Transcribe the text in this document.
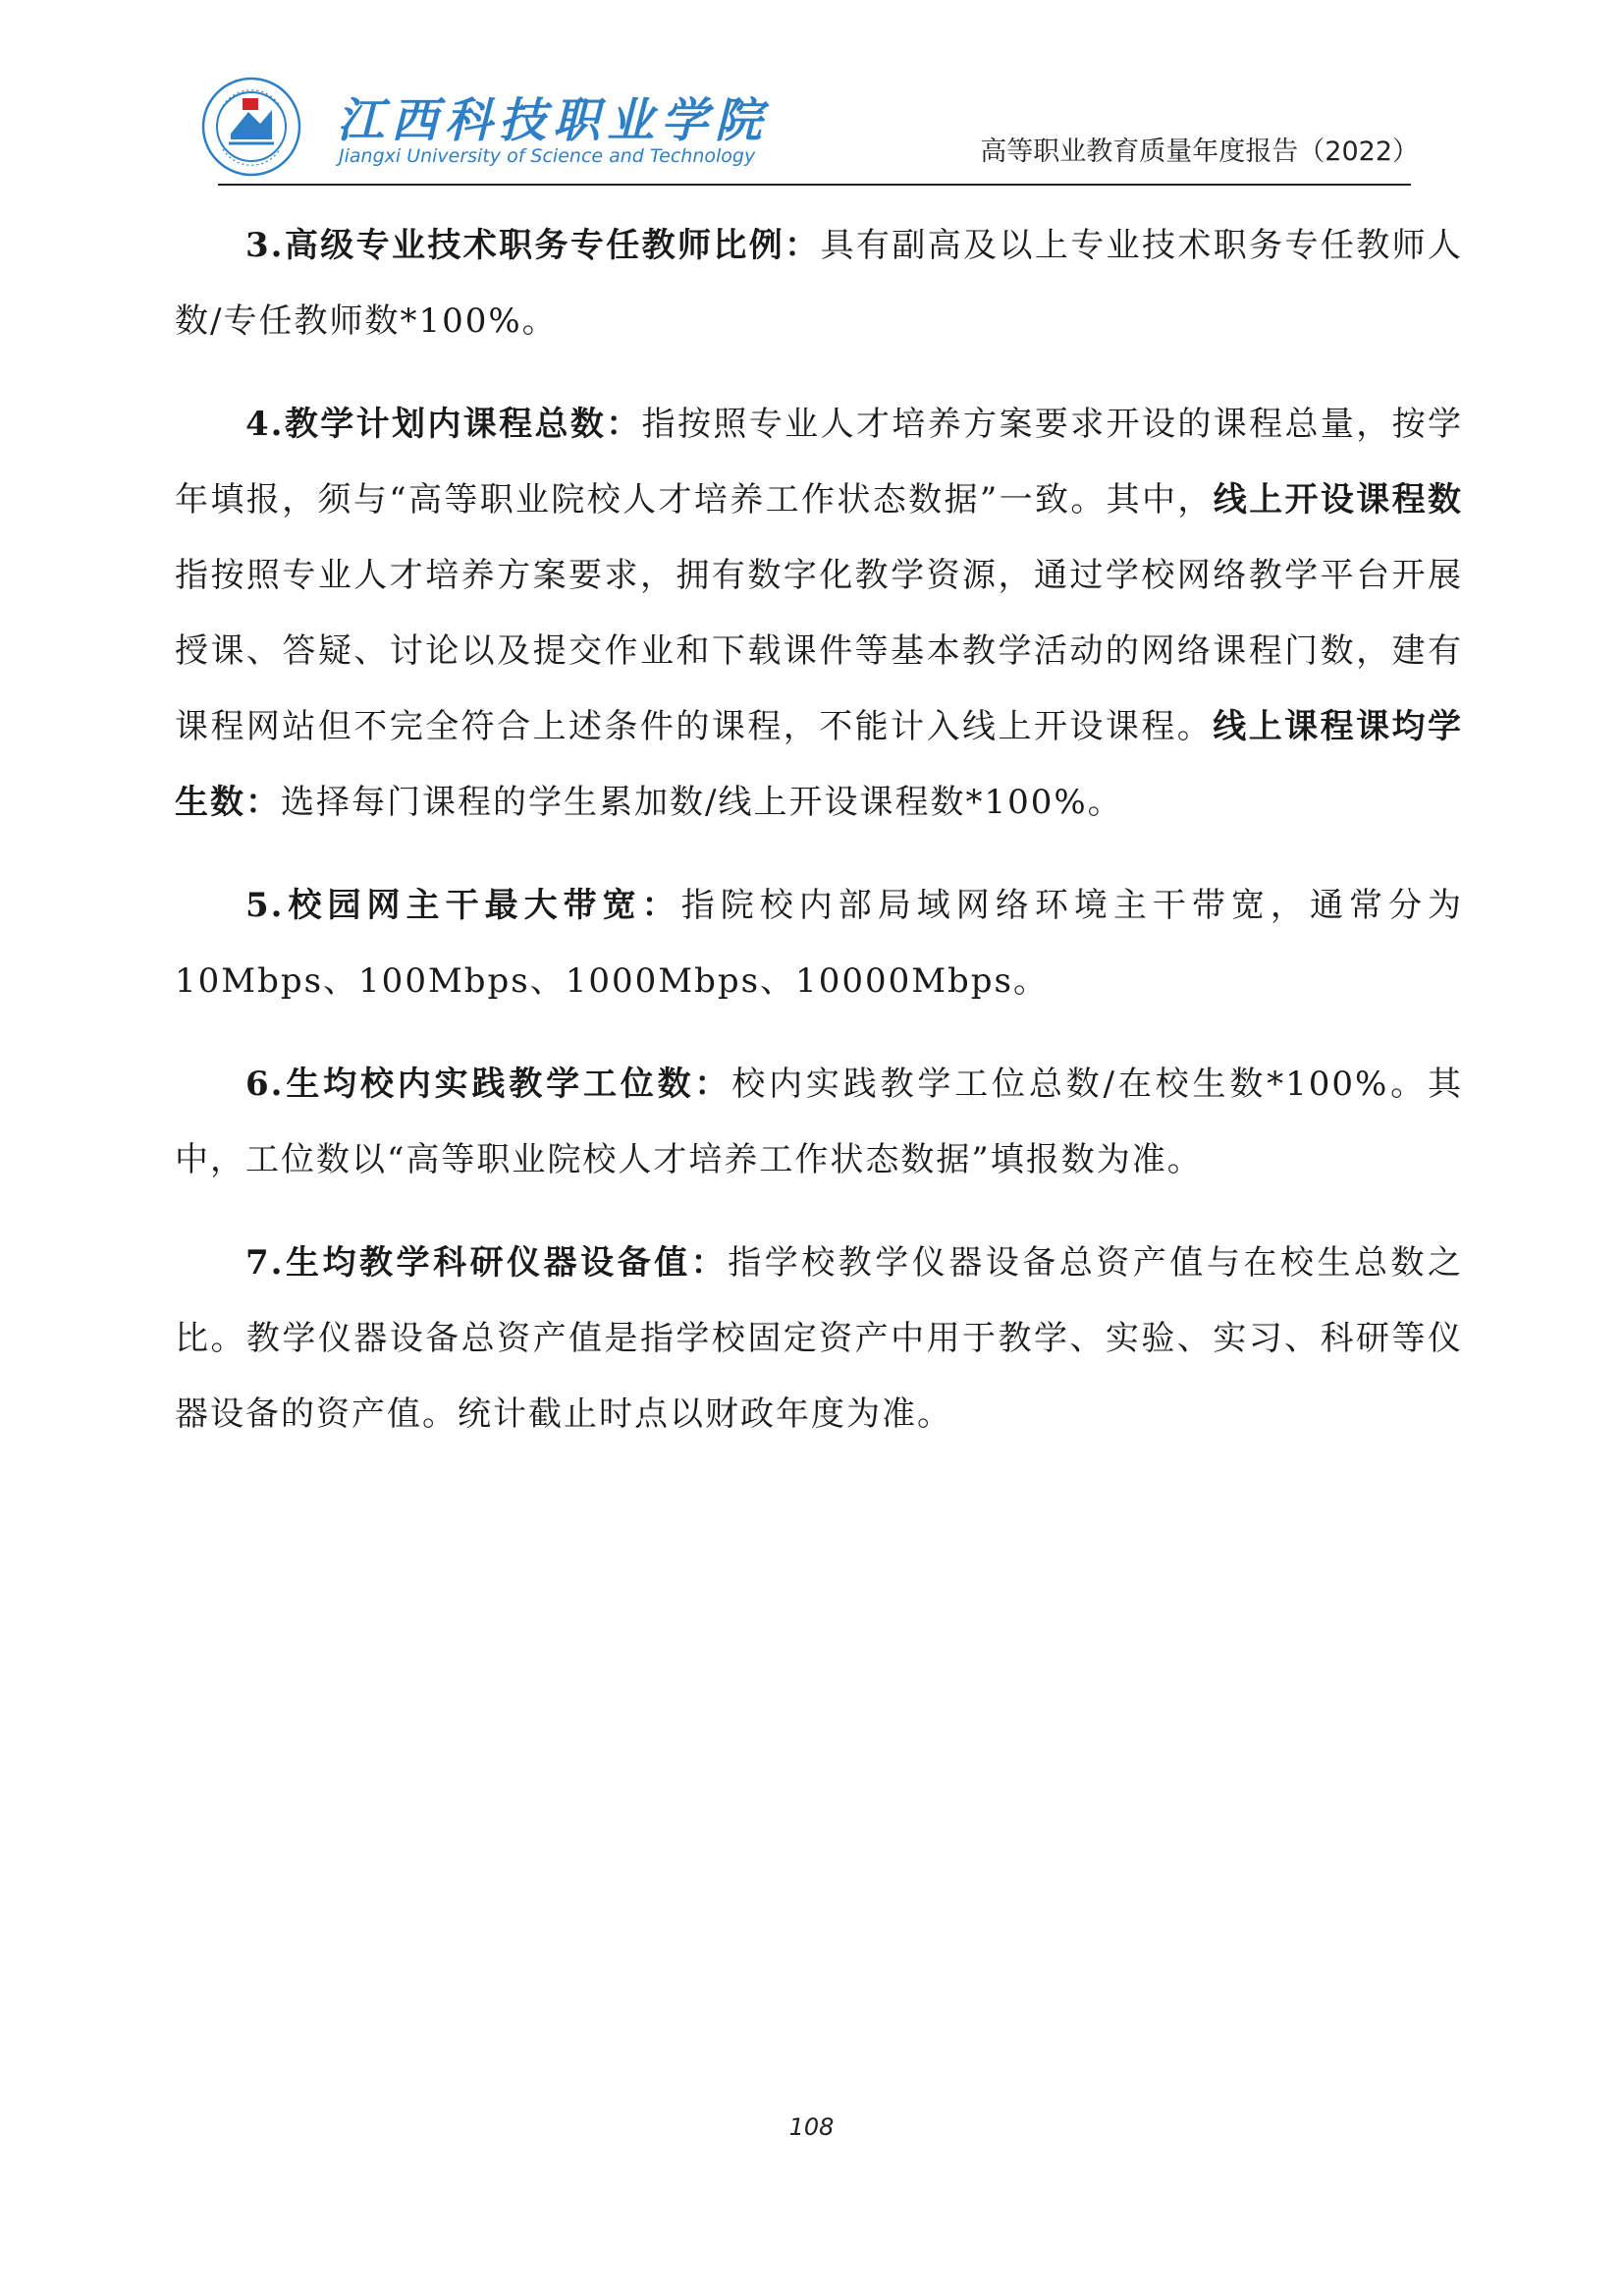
江西科技职业学院
Jiangxi University of Science and Technology	高等职业教育质量年度报告（2022）

3.高级专业技术职务专任教师比例：具有副高及以上专业技术职务专任教师人数/专任教师数*100%。

4.教学计划内课程总数：指按照专业人才培养方案要求开设的课程总量，按学年填报，须与“高等职业院校人才培养工作状态数据”一致。其中，线上开设课程数指按照专业人才培养方案要求，拥有数字化教学资源，通过学校网络教学平台开展授课、答疑、讨论以及提交作业和下载课件等基本教学活动的网络课程门数，建有课程网站但不完全符合上述条件的课程，不能计入线上开设课程。线上课程课均学生数：选择每门课程的学生累加数/线上开设课程数*100%。

5.校园网主干最大带宽：指院校内部局域网络环境主干带宽，通常分为10Mbps、100Mbps、1000Mbps、10000Mbps。

6.生均校内实践教学工位数：校内实践教学工位总数/在校生数*100%。其中，工位数以“高等职业院校人才培养工作状态数据”填报数为准。

7.生均教学科研仪器设备值：指学校教学仪器设备总资产值与在校生总数之比。教学仪器设备总资产值是指学校固定资产中用于教学、实验、实习、科研等仪器设备的资产值。统计截止时点以财政年度为准。

108
